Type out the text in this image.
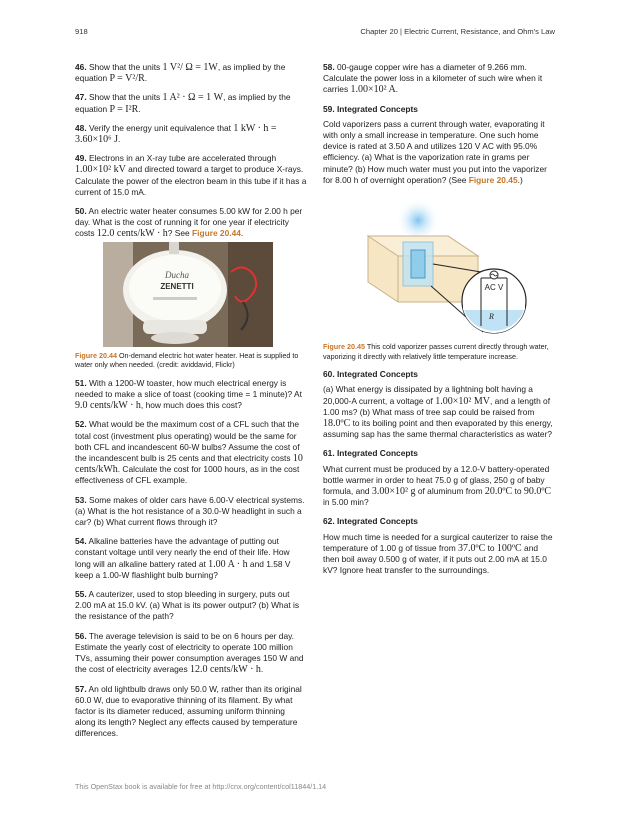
918	Chapter 20 | Electric Current, Resistance, and Ohm's Law
46. Show that the units 1 V²/ Ω = 1W, as implied by the equation P = V²/R.
47. Show that the units 1 A² · Ω = 1 W, as implied by the equation P = I²R.
48. Verify the energy unit equivalence that 1 kW · h = 3.60×10⁶ J.
49. Electrons in an X-ray tube are accelerated through 1.00×10² kV and directed toward a target to produce X-rays. Calculate the power of the electron beam in this tube if it has a current of 15.0 mA.
50. An electric water heater consumes 5.00 kW for 2.00 h per day. What is the cost of running it for one year if electricity costs 12.0 cents/kW · h? See Figure 20.44.
Ducha
ZENETTI
Figure 20.44 On-demand electric hot water heater. Heat is supplied to water only when needed. (credit: aviddavid, Flickr)
51. With a 1200-W toaster, how much electrical energy is needed to make a slice of toast (cooking time = 1 minute)? At 9.0 cents/kW · h, how much does this cost?
52. What would be the maximum cost of a CFL such that the total cost (investment plus operating) would be the same for both CFL and incandescent 60-W bulbs? Assume the cost of the incandescent bulb is 25 cents and that electricity costs 10 cents/kWh. Calculate the cost for 1000 hours, as in the cost effectiveness of CFL example.
53. Some makes of older cars have 6.00-V electrical systems. (a) What is the hot resistance of a 30.0-W headlight in such a car? (b) What current flows through it?
54. Alkaline batteries have the advantage of putting out constant voltage until very nearly the end of their life. How long will an alkaline battery rated at 1.00 A · h and 1.58 V keep a 1.00-W flashlight bulb burning?
55. A cauterizer, used to stop bleeding in surgery, puts out 2.00 mA at 15.0 kV. (a) What is its power output? (b) What is the resistance of the path?
56. The average television is said to be on 6 hours per day. Estimate the yearly cost of electricity to operate 100 million TVs, assuming their power consumption averages 150 W and the cost of electricity averages 12.0 cents/kW · h.
57. An old lightbulb draws only 50.0 W, rather than its original 60.0 W, due to evaporative thinning of its filament. By what factor is its diameter reduced, assuming uniform thinning along its length? Neglect any effects caused by temperature differences.
58. 00-gauge copper wire has a diameter of 9.266 mm. Calculate the power loss in a kilometer of such wire when it carries 1.00×10² A.
59. Integrated Concepts
Cold vaporizers pass a current through water, evaporating it with only a small increase in temperature. One such home device is rated at 3.50 A and utilizes 120 V AC with 95.0% efficiency. (a) What is the vaporization rate in grams per minute? (b) How much water must you put into the vaporizer for 8.00 h of overnight operation? (See Figure 20.45.)
AC V
R
Figure 20.45 This cold vaporizer passes current directly through water, vaporizing it directly with relatively little temperature increase.
60. Integrated Concepts
(a) What energy is dissipated by a lightning bolt having a 20,000-A current, a voltage of 1.00×10² MV, and a length of 1.00 ms? (b) What mass of tree sap could be raised from 18.0ºC to its boiling point and then evaporated by this energy, assuming sap has the same thermal characteristics as water?
61. Integrated Concepts
What current must be produced by a 12.0-V battery-operated bottle warmer in order to heat 75.0 g of glass, 250 g of baby formula, and 3.00×10² g of aluminum from 20.0ºC to 90.0ºC in 5.00 min?
62. Integrated Concepts
How much time is needed for a surgical cauterizer to raise the temperature of 1.00 g of tissue from 37.0ºC to 100ºC and then boil away 0.500 g of water, if it puts out 2.00 mA at 15.0 kV? Ignore heat transfer to the surroundings.
This OpenStax book is available for free at http://cnx.org/content/col11844/1.14
